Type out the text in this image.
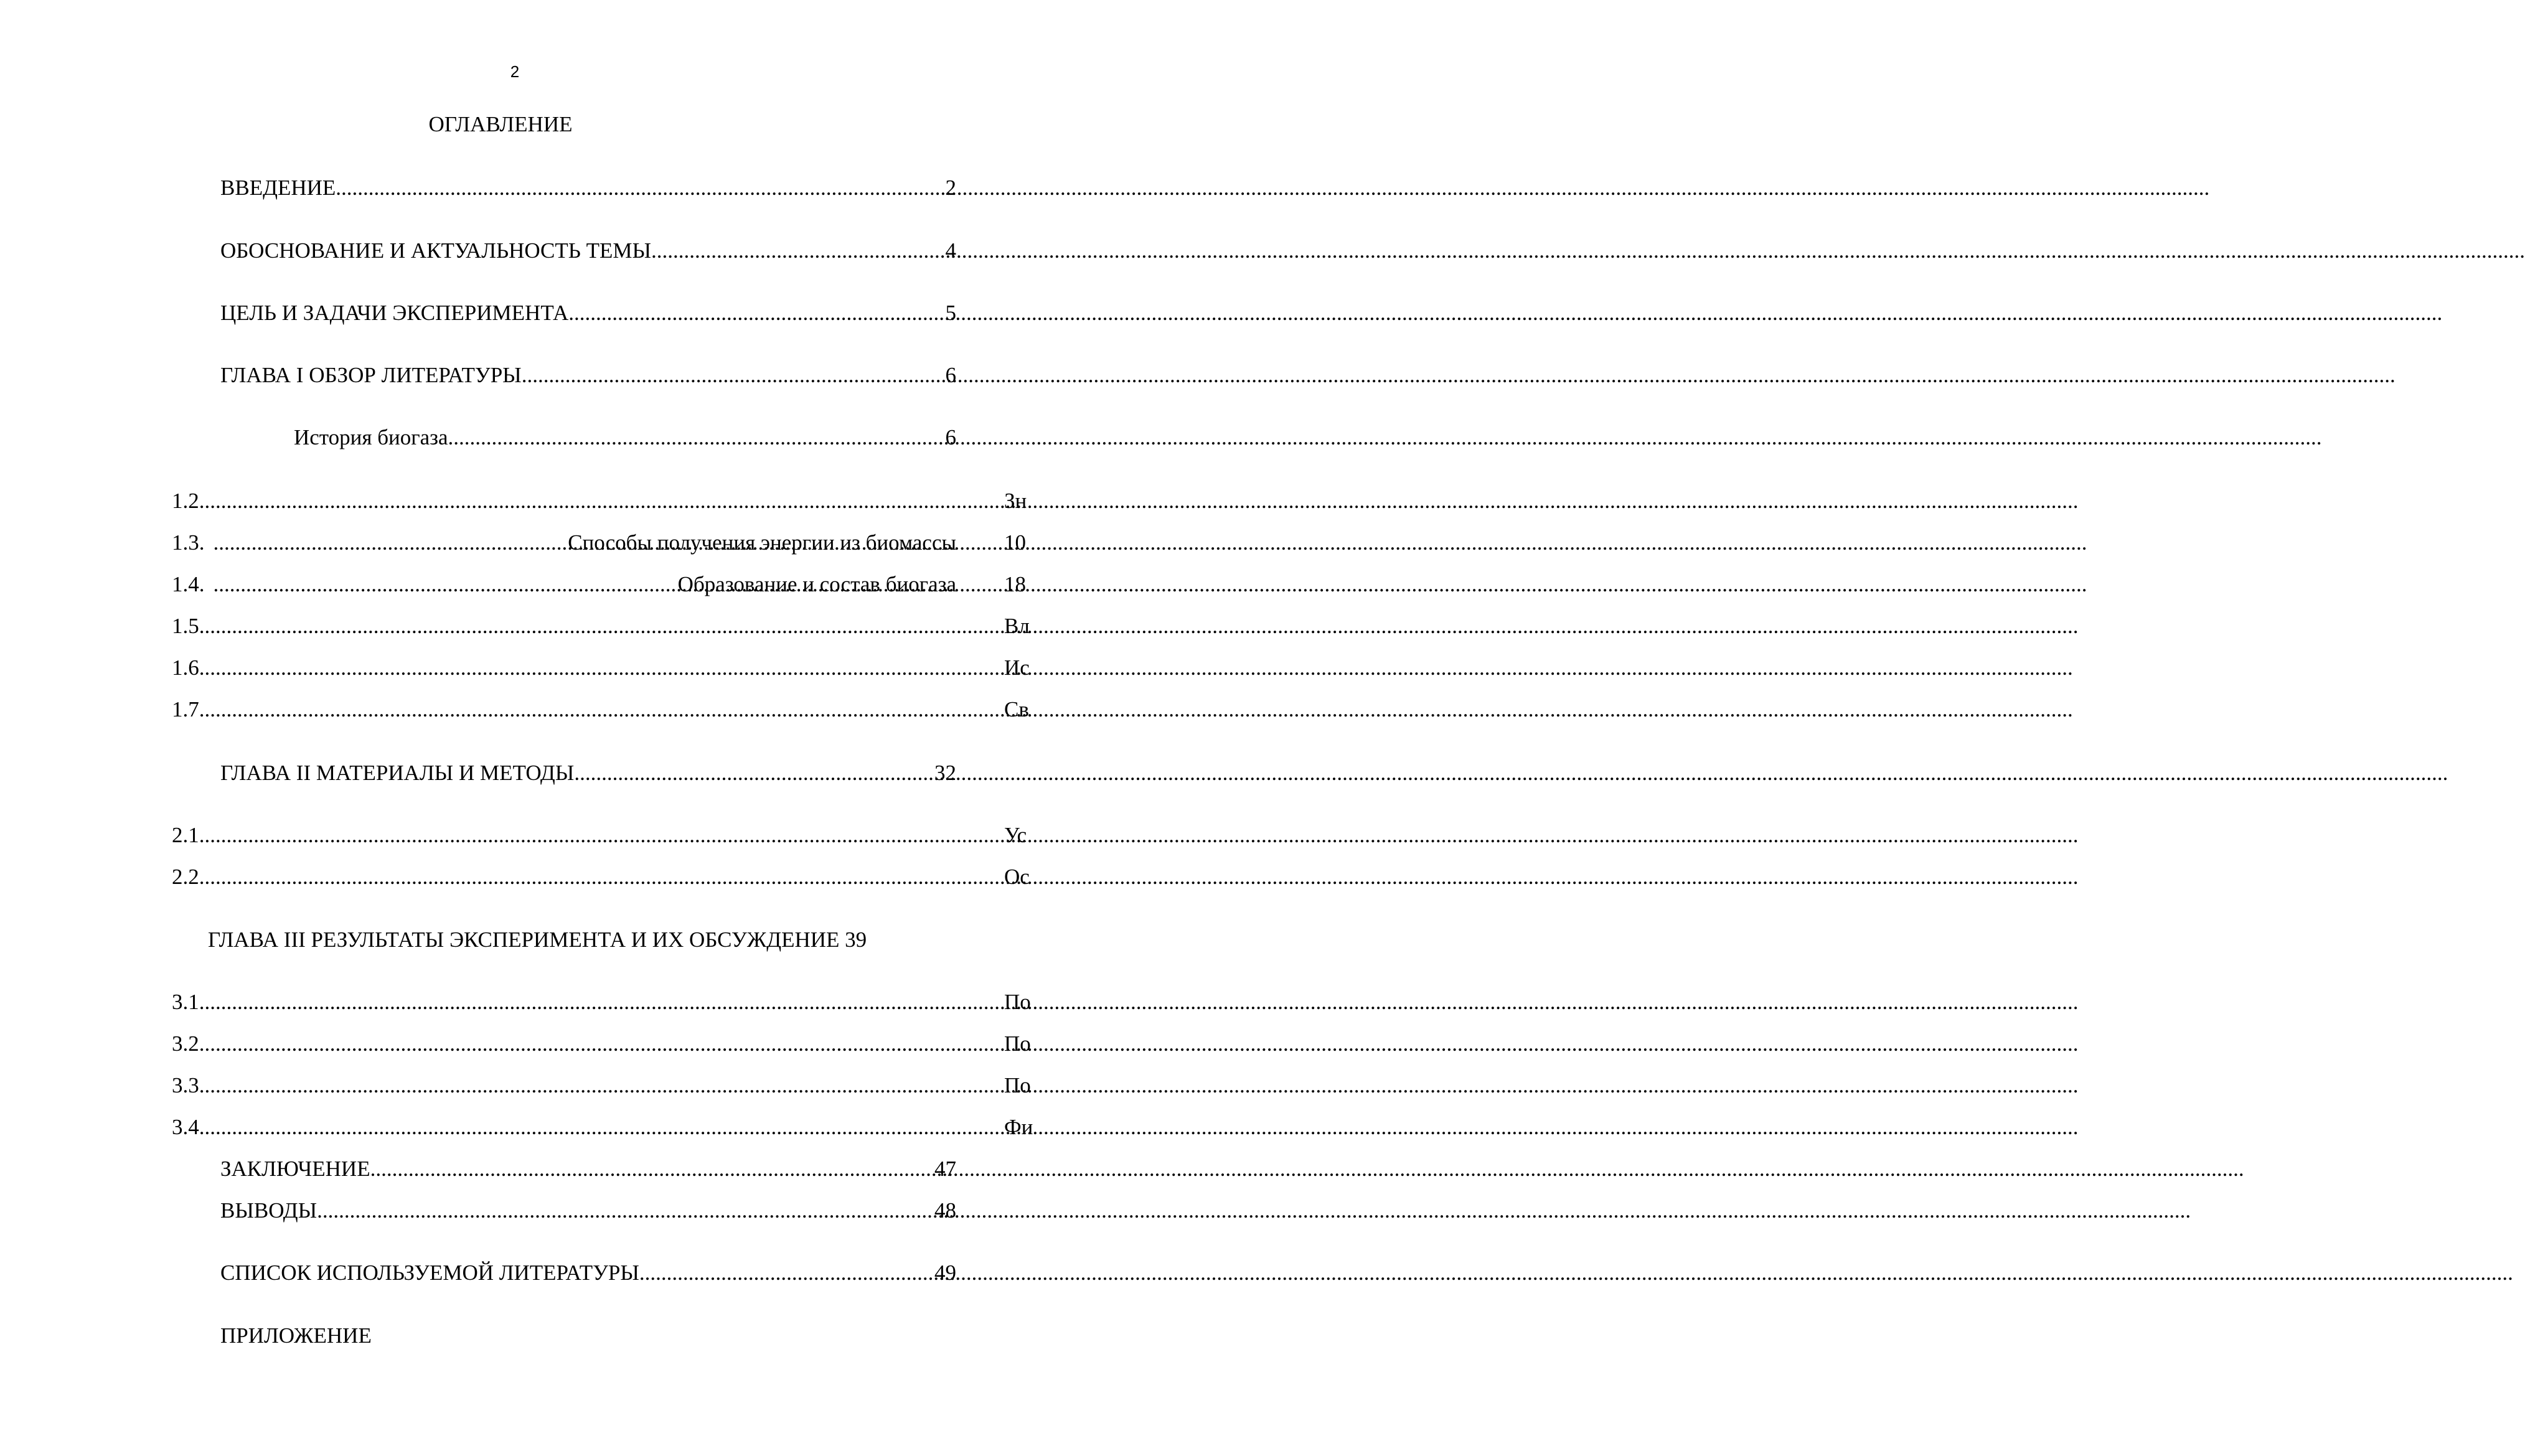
2
ОГЛАВЛЕНИЕ
ВВЕДЕНИЕ .....	2
ОБОСНОВАНИЕ И АКТУАЛЬНОСТЬ ТЕМЫ .....	4
ЦЕЛЬ И ЗАДАЧИ ЭКСПЕРИМЕНТА .....	5
ГЛАВА I ОБЗОР ЛИТЕРАТУРЫ .....	6
История биогаза .....	6
1.2. .....	Зн
1.3. .....	Способы получения энергии из биомассы 10
1.4. .....	Образование и состав биогаза 18
1.5. .....	Вл
1.6 .....	Ис
1.7 .....	Св
ГЛАВА II МАТЕРИАЛЫ И МЕТОДЫ .....	32
2.1. .....	Ус
2.2. .....	Ос
ГЛАВА III РЕЗУЛЬТАТЫ ЭКСПЕРИМЕНТА И ИХ ОБСУЖДЕНИЕ 39
3.1. .....	По
3.2. .....	По
3.3. .....	По
3.4. .....	Фи
ЗАКЛЮЧЕНИЕ .....	47
ВЫВОДЫ .....	48
СПИСОК ИСПОЛЬЗУЕМОЙ ЛИТЕРАТУРЫ .....	49
ПРИЛОЖЕНИЕ
